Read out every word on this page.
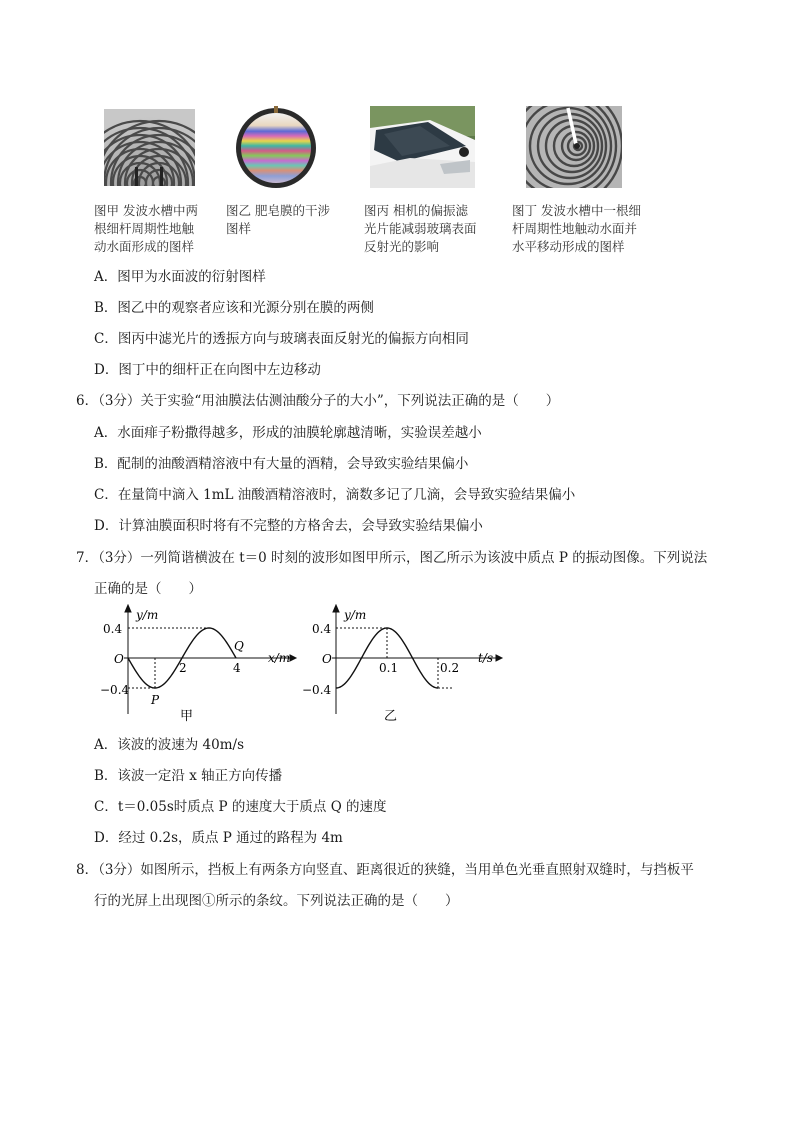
图甲 发波水槽中两
根细杆周期性地触
动水面形成的图样
图乙 肥皂膜的干涉
图样
图丙 相机的偏振滤
光片能减弱玻璃表面
反射光的影响
图丁 发波水槽中一根细
杆周期性地触动水面并
水平移动形成的图样
A．图甲为水面波的衍射图样
B．图乙中的观察者应该和光源分别在膜的两侧
C．图丙中滤光片的透振方向与玻璃表面反射光的偏振方向相同
D．图丁中的细杆正在向图中左边移动
6．（3分）关于实验“用油膜法估测油酸分子的大小”，下列说法正确的是（　　）
A．水面痱子粉撒得越多，形成的油膜轮廓越清晰，实验误差越小
B．配制的油酸酒精溶液中有大量的酒精，会导致实验结果偏小
C．在量筒中滴入 1mL 油酸酒精溶液时，滴数多记了几滴，会导致实验结果偏小
D．计算油膜面积时将有不完整的方格舍去，会导致实验结果偏小
7．（3分）一列简谐横波在 t＝0 时刻的波形如图甲所示，图乙所示为该波中质点 P 的振动图像。下列说法
正确的是（　　）
y/m
x/m
O
0.4
−0.4
2	4
P
Q
甲
y/m
t/s
O
0.4
−0.4
0.1	0.2
乙
A．该波的波速为 40m/s
B．该波一定沿 x 轴正方向传播
C．t＝0.05s时质点 P 的速度大于质点 Q 的速度
D．经过 0.2s，质点 P 通过的路程为 4m
8．（3分）如图所示，挡板上有两条方向竖直、距离很近的狭缝，当用单色光垂直照射双缝时，与挡板平
行的光屏上出现图①所示的条纹。下列说法正确的是（　　）
